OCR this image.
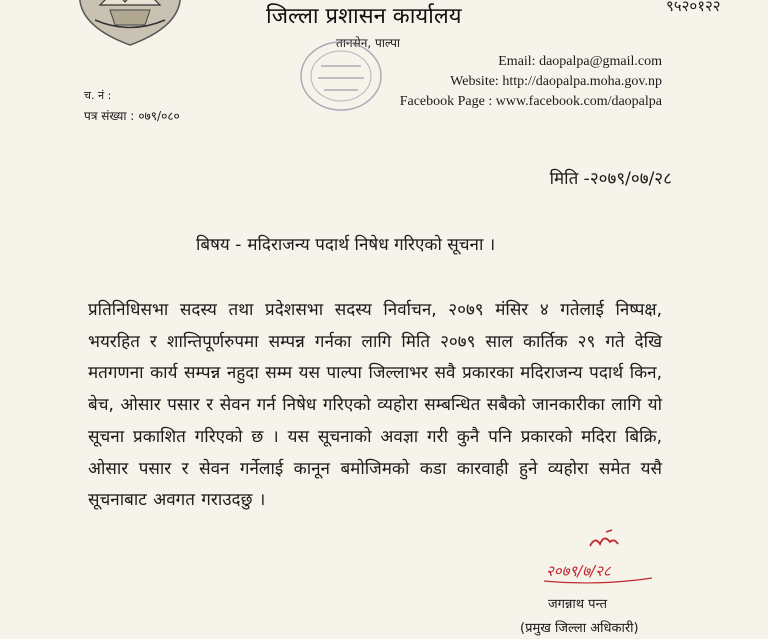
जिल्ला प्रशासन कार्यालय
तानसेन, पाल्पा
९५२०१२२
Email: daopalpa@gmail.com
Website: http://daopalpa.moha.gov.np
Facebook Page : www.facebook.com/daopalpa
च. नं :
पत्र संख्या : ०७९/०८०
मिति -२०७९/०७/२८
बिषय - मदिराजन्य पदार्थ निषेध गरिएको सूचना ।
प्रतिनिधिसभा सदस्य तथा प्रदेशसभा सदस्य निर्वाचन, २०७९ मंसिर ४ गतेलाई निष्पक्ष, भयरहित र शान्तिपूर्णरुपमा सम्पन्न गर्नका लागि मिति २०७९ साल कार्तिक २९ गते देखि मतगणना कार्य सम्पन्न नहुदा सम्म यस पाल्पा जिल्लाभर सवै प्रकारका मदिराजन्य पदार्थ किन, बेच, ओसार पसार र सेवन गर्न निषेध गरिएको व्यहोरा सम्बन्धित सबैको जानकारीका लागि यो सूचना प्रकाशित गरिएको छ । यस सूचनाको अवज्ञा गरी कुनै पनि प्रकारको मदिरा बिक्रि, ओसार पसार र सेवन गर्नेलाई कानून बमोजिमको कडा कारवाही हुने व्यहोरा समेत यसै सूचनाबाट अवगत गराउदछु ।
२०७९/७/२८
जगन्नाथ पन्त
(प्रमुख जिल्ला अधिकारी)
